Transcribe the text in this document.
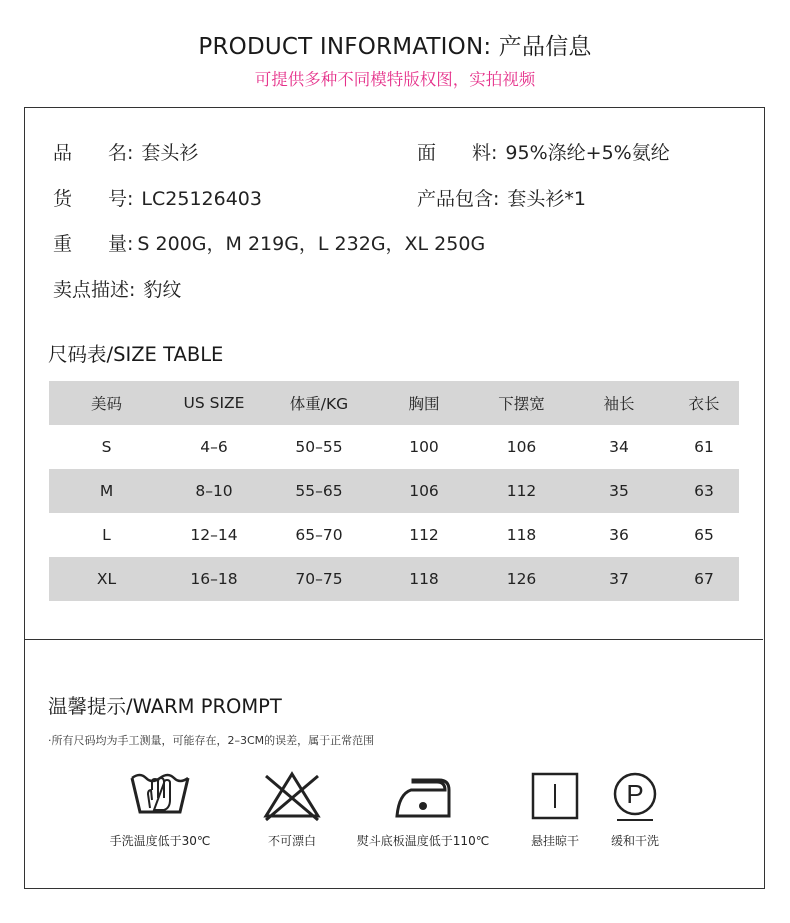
PRODUCT INFORMATION: 产品信息
可提供多种不同模特版权图，实拍视频
品 名: 套头衫	面 料: 95%涤纶+5%氨纶
货 号: LC25126403	产品包含: 套头衫*1
重 量: S 200G，M 219G，L 232G，XL 250G
卖点描述: 豹纹
尺码表/SIZE TABLE
美码	US SIZE	体重/KG	胸围	下摆宽	袖长	衣长
S	4–6	50–55	100	106	34	61
M	8–10	55–65	106	112	35	63
L	12–14	65–70	112	118	36	65
XL	16–18	70–75	118	126	37	67
温馨提示/WARM PROMPT
·所有尺码均为手工测量，可能存在，2–3CM的误差，属于正常范围
手洗温度低于30℃	不可漂白	熨斗底板温度低于110℃	悬挂晾干
P
缓和干洗
